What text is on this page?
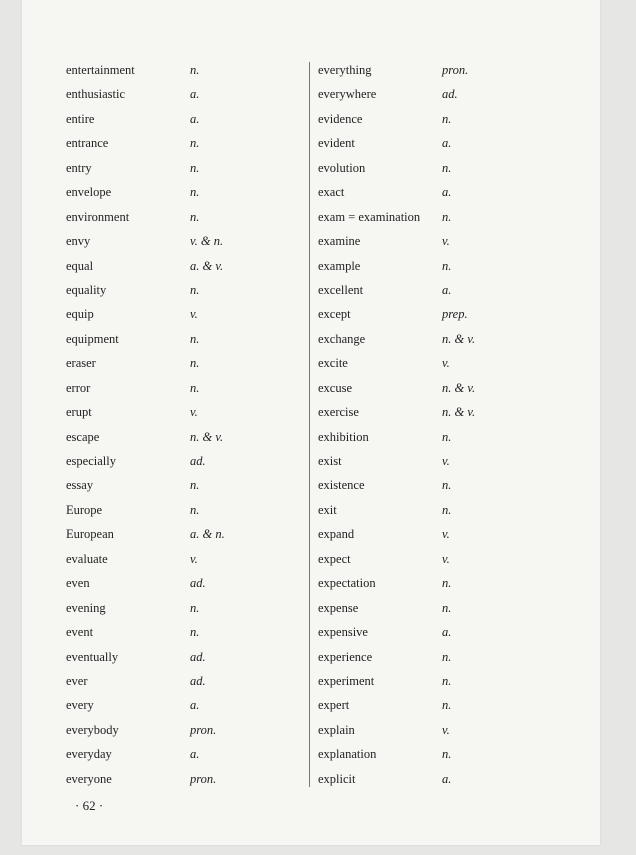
entertainment	n.
enthusiastic	a.
entire	a.
entrance	n.
entry	n.
envelope	n.
environment	n.
envy	v. & n.
equal	a. & v.
equality	n.
equip	v.
equipment	n.
eraser	n.
error	n.
erupt	v.
escape	n. & v.
especially	ad.
essay	n.
Europe	n.
European	a. & n.
evaluate	v.
even	ad.
evening	n.
event	n.
eventually	ad.
ever	ad.
every	a.
everybody	pron.
everyday	a.
everyone	pron.
everything	pron.
everywhere	ad.
evidence	n.
evident	a.
evolution	n.
exact	a.
exam = examination n.
examine	v.
example	n.
excellent	a.
except	prep.
exchange	n. & v.
excite	v.
excuse	n. & v.
exercise	n. & v.
exhibition	n.
exist	v.
existence	n.
exit	n.
expand	v.
expect	v.
expectation	n.
expense	n.
expensive	a.
experience	n.
experiment	n.
expert	n.
explain	v.
explanation	n.
explicit	a.
· 62 ·
